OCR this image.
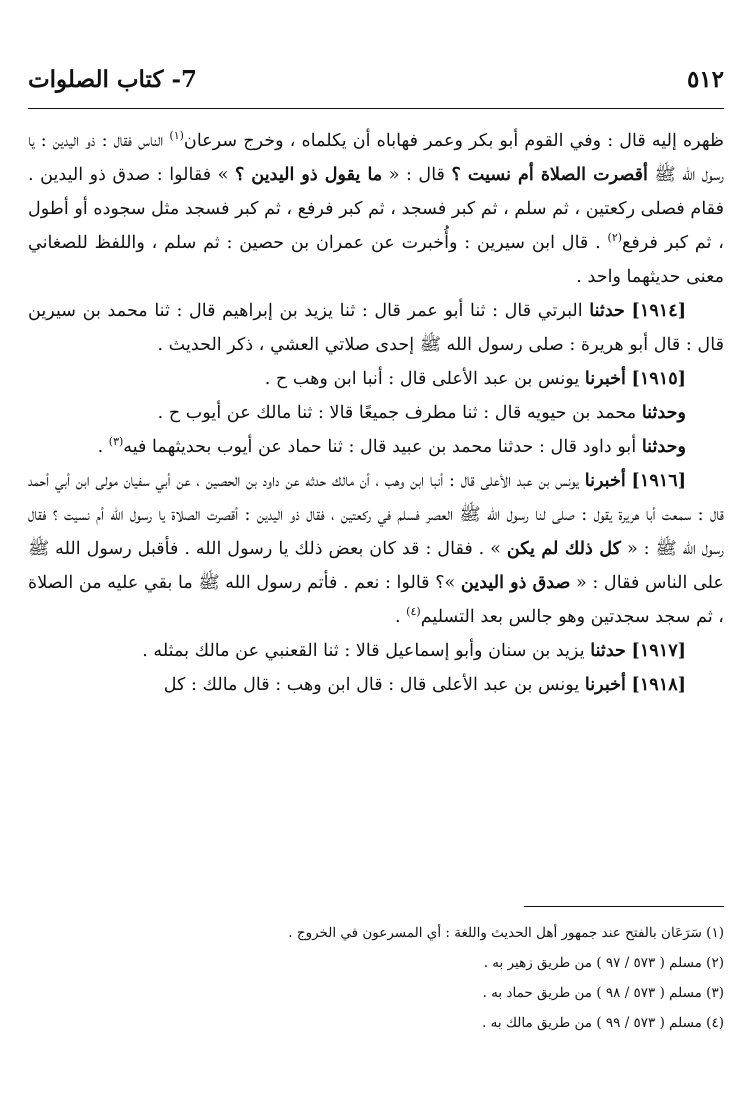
٥١٢
7- كتاب الصلوات

ظهره إليه قال : وفي القوم أبو بكر وعمر فهاباه أن يكلماه ، وخرج سرعان$^{(١)}$ الناس فقال : ذو اليدين : يا رسول الله ﷺ أقصرت الصلاة أم نسيت ؟ قال : « ما يقول ذو اليدين ؟ » فقالوا : صدق ذو اليدين . فقام فصلى ركعتين ، ثم سلم ، ثم كبر فسجد ، ثم كبر فرفع ، ثم كبر فسجد مثل سجوده أو أطول ، ثم كبر فرفع$^{(٢)}$ . قال ابن سيرين : وأُخبرت عن عمران بن حصين : ثم سلم ، واللفظ للصغاني معنى حديثهما واحد .

[١٩١٤] حدثنا البرتي قال : ثنا أبو عمر قال : ثنا يزيد بن إبراهيم قال : ثنا محمد بن سيرين قال : قال أبو هريرة : صلى رسول الله ﷺ إحدى صلاتي العشي ، ذكر الحديث .

[١٩١٥] أخبرنا يونس بن عبد الأعلى قال : أنبا ابن وهب ح .

وحدثنا محمد بن حيويه قال : ثنا مطرف جميعًا قالا : ثنا مالك عن أيوب ح .

وحدثنا أبو داود قال : حدثنا محمد بن عبيد قال : ثنا حماد عن أيوب بحديثهما فيه$^{(٣)}$ .

[١٩١٦] أخبرنا يونس بن عبد الأعلى قال : أنبا ابن وهب ، أن مالك حدثه عن داود بن الحصين ، عن أبي سفيان مولى ابن أبي أحمد قال : سمعت أبا هريرة يقول : صلى لنا رسول الله ﷺ العصر فسلم في ركعتين ، فقال ذو اليدين : أقصرت الصلاة يا رسول الله أم نسيت ؟ فقال رسول الله ﷺ : « كل ذلك لم يكن » . فقال : قد كان بعض ذلك يا رسول الله . فأقبل رسول الله ﷺ على الناس فقال : « صدق ذو اليدين »؟ قالوا : نعم . فأتم رسول الله ﷺ ما بقي عليه من الصلاة ، ثم سجد سجدتين وهو جالس بعد التسليم$^{(٤)}$ .

[١٩١٧] حدثنا يزيد بن سنان وأبو إسماعيل قالا : ثنا القعنبي عن مالك بمثله .

[١٩١٨] أخبرنا يونس بن عبد الأعلى قال : قال ابن وهب : قال مالك : كل

(١) سَرَعَان بالفتح عند جمهور أهل الحديث واللغة : أي المسرعون في الخروج .

(٢) مسلم ( ٥٧٣ / ٩٧ ) من طريق زهير به .

(٣) مسلم ( ٥٧٣ / ٩٨ ) من طريق حماد به .

(٤) مسلم ( ٥٧٣ / ٩٩ ) من طريق مالك به .
